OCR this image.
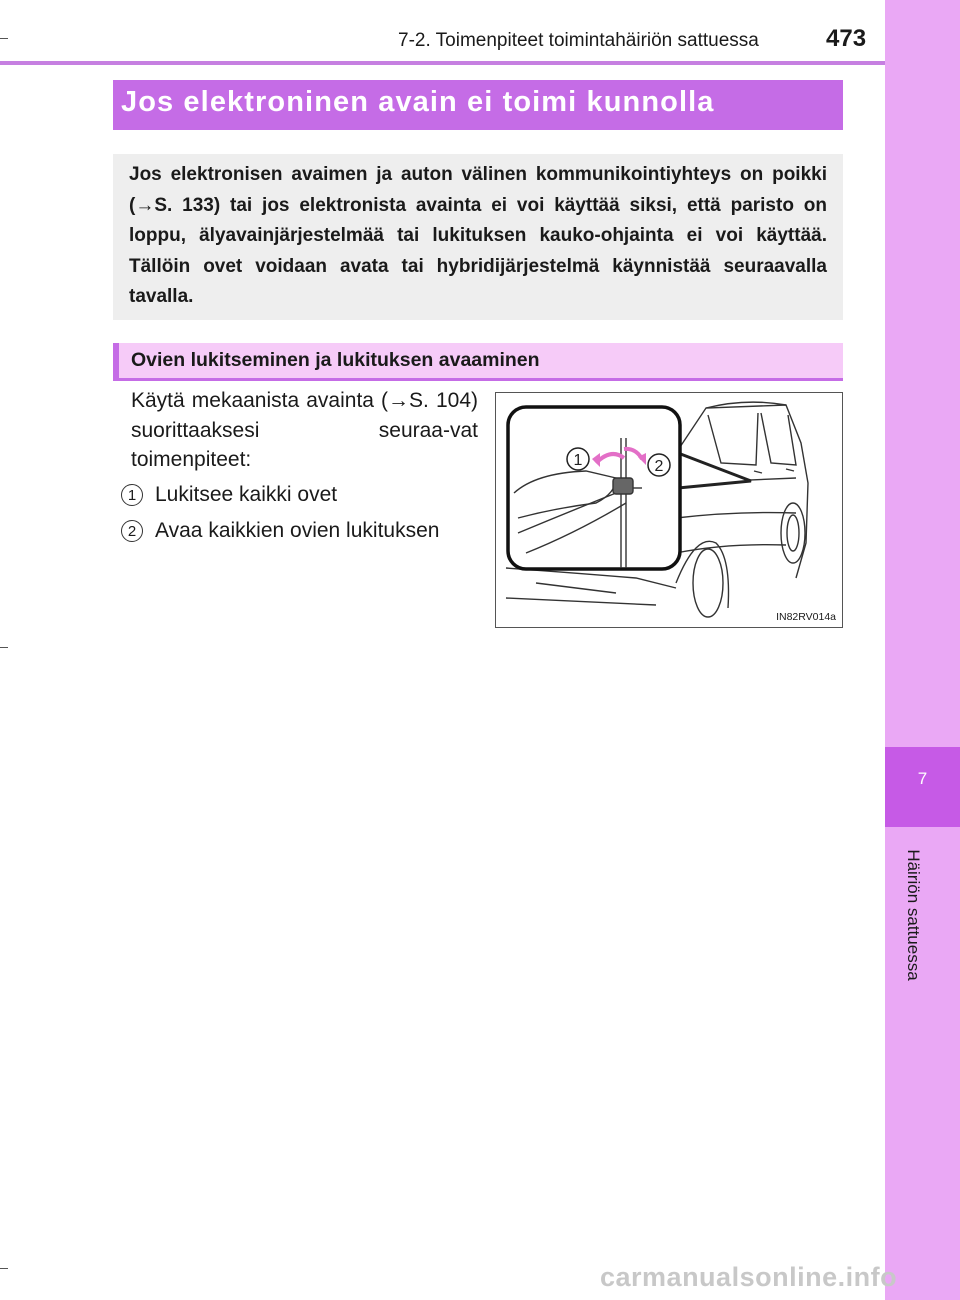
7
Häiriön sattuessa
7-2. Toimenpiteet toimintahäiriön sattuessa	473
Jos elektroninen avain ei toimi kunnolla
Jos elektronisen avaimen ja auton välinen kommunikointiyhteys on poikki (→S. 133) tai jos elektronista avainta ei voi käyttää siksi, että paristo on loppu, älyavainjärjestelmää tai lukituksen kauko-ohjainta ei voi käyttää. Tällöin ovet voidaan avata tai hybridijärjestelmä käynnistää seuraavalla tavalla.
Ovien lukitseminen ja lukituksen avaaminen
Käytä mekaanista avainta (→S. 104) suorittaaksesi seuraa-vat toimenpiteet:
1 Lukitsee kaikki ovet
2 Avaa kaikkien ovien lukituksen
1	2
IN82RV014a
carmanualsonline.info
